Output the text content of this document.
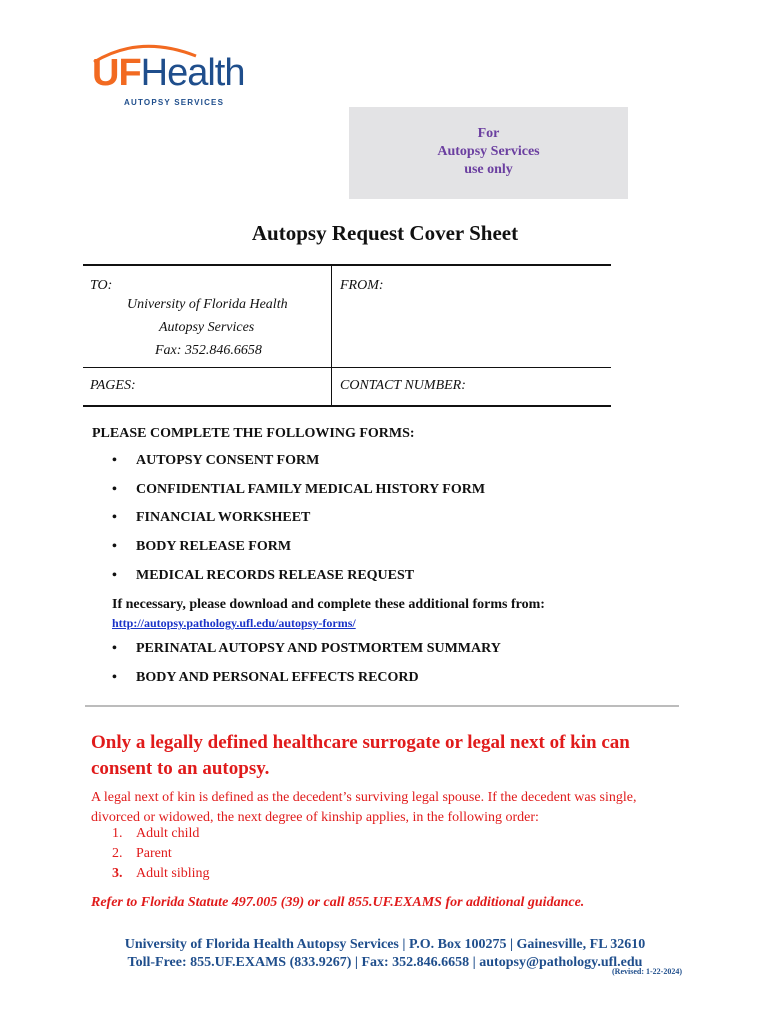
UFHealth
AUTOPSY SERVICES
For
Autopsy Services
use only
Autopsy Request Cover Sheet
TO:
University of Florida Health
Autopsy Services
Fax: 352.846.6658
FROM:
PAGES:	CONTACT NUMBER:
PLEASE COMPLETE THE FOLLOWING FORMS:
• AUTOPSY CONSENT FORM
• CONFIDENTIAL FAMILY MEDICAL HISTORY FORM
• FINANCIAL WORKSHEET
• BODY RELEASE FORM
• MEDICAL RECORDS RELEASE REQUEST
If necessary, please download and complete these additional forms from:
http://autopsy.pathology.ufl.edu/autopsy-forms/
• PERINATAL AUTOPSY AND POSTMORTEM SUMMARY
• BODY AND PERSONAL EFFECTS RECORD
Only a legally defined healthcare surrogate or legal next of kin can consent to an autopsy.
A legal next of kin is defined as the decedent’s surviving legal spouse. If the decedent was single, divorced or widowed, the next degree of kinship applies, in the following order:
1. Adult child
2. Parent
3. Adult sibling
Refer to Florida Statute 497.005 (39) or call 855.UF.EXAMS for additional guidance.
University of Florida Health Autopsy Services | P.O. Box 100275 | Gainesville, FL 32610
Toll-Free: 855.UF.EXAMS (833.9267) | Fax: 352.846.6658 | autopsy@pathology.ufl.edu
(Revised: 1-22-2024)
